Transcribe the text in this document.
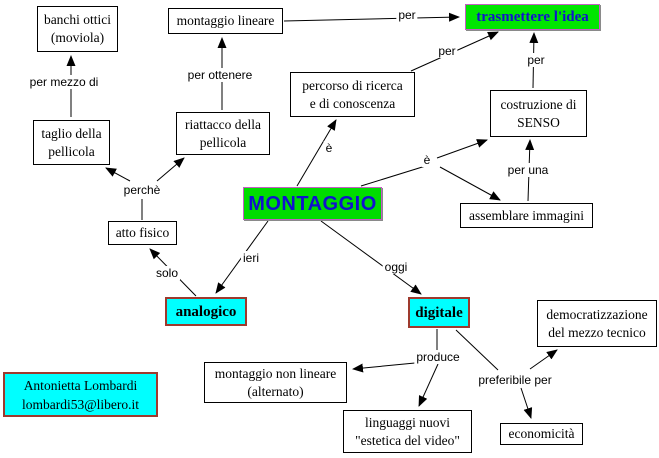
banchi ottici
(moviola)
montaggio lineare	trasmettere l'idea
percorso di ricerca
e di conoscenza	costruzione di
SENSO
taglio della
pellicola
riattacco della
pellicola
MONTAGGIO
assemblare immagini
atto fisico
analogico	digitale	democratizzazione
del mezzo tecnico
montaggio non lineare
(alternato)
linguaggi nuovi
"estetica del video"	economicità
Antonietta Lombardi
lombardi53@libero.it
per mezzo di	per ottenere
per
per
per
è
è
per una
perchè
solo
ieri
oggi
produce
preferibile per
